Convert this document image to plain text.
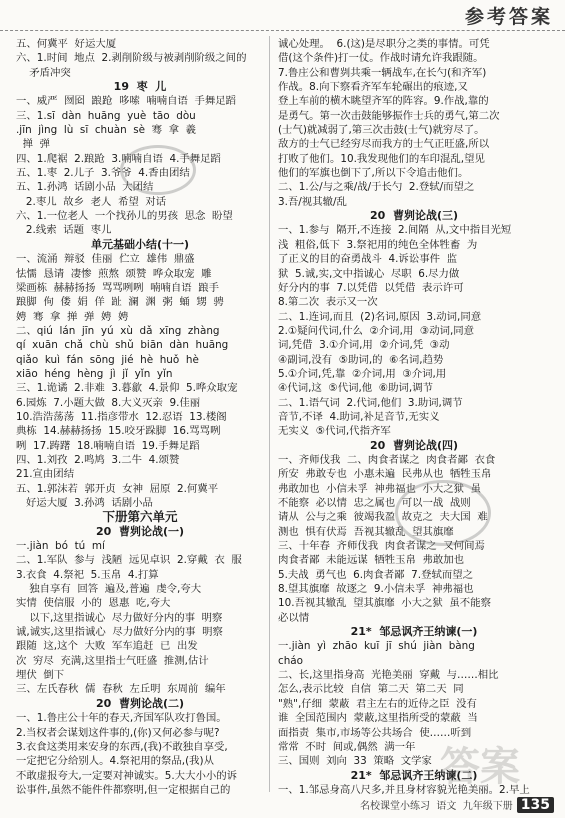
参考答案
五、何冀平  好运大厦
六、1.时间  地点  2.剥削阶级与被剥削阶级之间的
矛盾冲突
19  枣  儿
一、威严  囫囵  踉跄  哆嗦  喃喃自语  手舞足蹈
三、1.sī  dàn  huāng  yuè  tāo  dòu
.jīn  jìng  lù  sī  chuàn  sè  骞  拿  羲
掸  弹
四、1.爬裾  2.踉跄  3.喃喃自语  4.手舞足蹈
五、1.枣  2.儿子  3.爷爷  4.香由团结
五、1.孙鸿  话剧小品  大团结
2.枣儿  故乡  老人  希望  对话
六、1.一位老人  一个找孙儿的男孩  思念  盼望
2.线索  话题  枣儿
单元基础小结(十一)
一、流涌  辩驳  佳丽  伫立  雄伟  鼎盛
怯懦  恳请  凄惨  煎熬  颂赞  哗众取宠  雕
梁画栋  赫赫扬扬  骂骂咧咧  喃喃自语  踉手
踉脚  佝  偻  娟  佯  趾  澜  渊  粥  蛹  甥  骋
娉  骞  拿  掸  弹  娉  娉
二、qiú  lán  jīn  yú  xù  dǎ  xīng  zhàng
qí  xuān  chǎ  chù  shǔ  biān  dàn  huāng
qiǎo  kuì  fán  sōng  jié  hè  huǒ  hè
xiāo  héng  hèng  jì  jǐ  yǐn  yǐn
三、1.诡谲  2.非难  3.暮歙  4.景仰  5.哗众取宠
6.园炼  7.小题大做  8.大义灭亲  9.佳丽
10.浩浩荡荡  11.指彦带水  12.忍语  13.楼阁
典栋  14.赫赫扬扬  15.咬牙跺脚  16.骂骂咧
咧  17.踌躇  18.喃喃自语  19.手舞足蹈
四、1.刘孜  2.鸣鸠  3.二牛  4.颂赞
21.宣由团结
五、1.郭沫若  郭开贞  女神  屈原  2.何冀平
好运大厦  3.孙鸿  话剧小品
下册第六单元
20  曹刿论战(一)
一.jiàn  bó  tú  mí
二、1.军队  参与  浅陋  远见卓识  2.穿戴  衣  服
3.衣食  4.祭祀  5.玉帛  4.打算
独自享有  回答  遍及,普遍  虔令,夸大
实情  使信服  小的  恩惠  吃,夸大
以下,这里指诚心  尽力做好分内的事  明察
诚,诚实,这里指诚心  尽力做好分内的事  明察
跟随  这,这个  大败  军车追赶  已  出发
次  穷尽  充满,这里指士气旺盛  推测,估计
埋伏  倒下
三、左氏春秋  儒  春秋  左丘明  东周前  编年
20  曹刿论战(二)
一、1.鲁庄公十年的春天,齐国军队攻打鲁国。
2.当权者会谋划这件事的,(你)又何必参与呢?
3.衣食这类用来安身的东西,(我)不敢独自享受,
一定把它分给别人。4.祭祀用的祭品,(我)从
不敢虚报夸大,一定要对神诚实。5.大大小小的诉
讼事件,虽然不能件件都察明,但一定根据自己的
诚心处理。  6.(这)是尽职分之类的事情。可凭
借(这个条件)打一仗。作战时请允许我跟随。
7.鲁庄公和曹刿共乘一辆战车,在长勺(和齐军)
作战。8.向下察看齐军车轮碾出的痕迹,又
登上车前的横木眺望齐军的阵容。9.作战,靠的
是勇气。第一次击鼓能够振作士兵的勇气,第二次
(士气)就减弱了,第三次击鼓(士气)就穷尽了。
敌方的士气已经穷尽而我方的士气正旺盛,所以
打败了他们。10.我发现他们的车印混乱,望见
他们的军旗也倒下了,所以下令追击他们。
二、1.公/与之乘/战/于长勺  2.登轼/而望之
3.吾/视其辙/乱
20  曹刿论战(三)
一、1.参与  隔开,不连接  2.间隔  从,文中指目光短
浅  粗俗,低下  3.祭祀用的纯色全体牲畜  为
了正义的目的奋勇战斗  4.诉讼事件  监
狱  5.诚,实,文中指诚心  尽职  6.尽力做
好分内的事  7.以凭借  以凭借  表示许可
8.第二次  表示又一次
二、1.连词,而且  (2)名词,原因  3.动词,同意
2.①疑问代词,什么  ②介词,用  ③动词,同意
词,凭借  3.①介词,用  ②介词,凭  ③动
④副词,没有  ⑤助词,的  ⑥名词,趋势
5.①介词,凭,靠  ②介词,用  ③介词,用
④代词,这  ⑤代词,他  ⑥助词,调节
二、1.语气词  2.代词,他们  3.助词,调节
音节,不译  4.助词,补足音节,无实义
无实义  ⑤代词,代指齐军
20  曹刿论战(四)
一、齐师伐我  二、肉食者谋之  肉食者鄙  衣食
所安  弗敢专也  小惠未遍  民弗从也  牺牲玉帛
弗敢加也  小信未孚  神弗福也  小大之狱  虽
不能察  必以情  忠之属也  可以一战  战则
请从  公与之乘  彼竭我盈  故克之  夫大国  难
测也  惧有伏焉  吾视其辙乱  望其旗靡
三、十年春  齐师伐我  肉食者谋之  又何间焉
肉食者鄙  未能远谋  牺牲玉帛  弗敢加也
5.夫战  勇气也  6.肉食者鄙  7.登轼而望之
8.望其旗靡  故逐之  9.小信未孚  神弗福也
10.吾视其辙乱  望其旗靡  小大之狱  虽不能察
必以情
21*  邹忌讽齐王纳谏(一)
一.jiàn  yì  zhāo  kuī  jī  shú  jiàn  bàng
cháo
二、长,这里指身高  光艳美丽  穿戴  与……相比
怎么,表示比较  自信  第二天  第二天  同
"熟",仔细  蒙蔽  君主左右的近侍之臣  没有
谁  全国范围内  蒙蔽,这里指所受的蒙蔽  当
面指责  集市,市场等公共场合  使……听到
常常  不时  间或,偶然  满一年
三、国则  刘向  33  策略  文学家
21*  邹忌讽齐王纳谏(二)
一、1.邹忌身高八尺多,并且身材容貌光艳美丽。2.早上
答案
名校课堂小练习  语文  九年级下册 135
